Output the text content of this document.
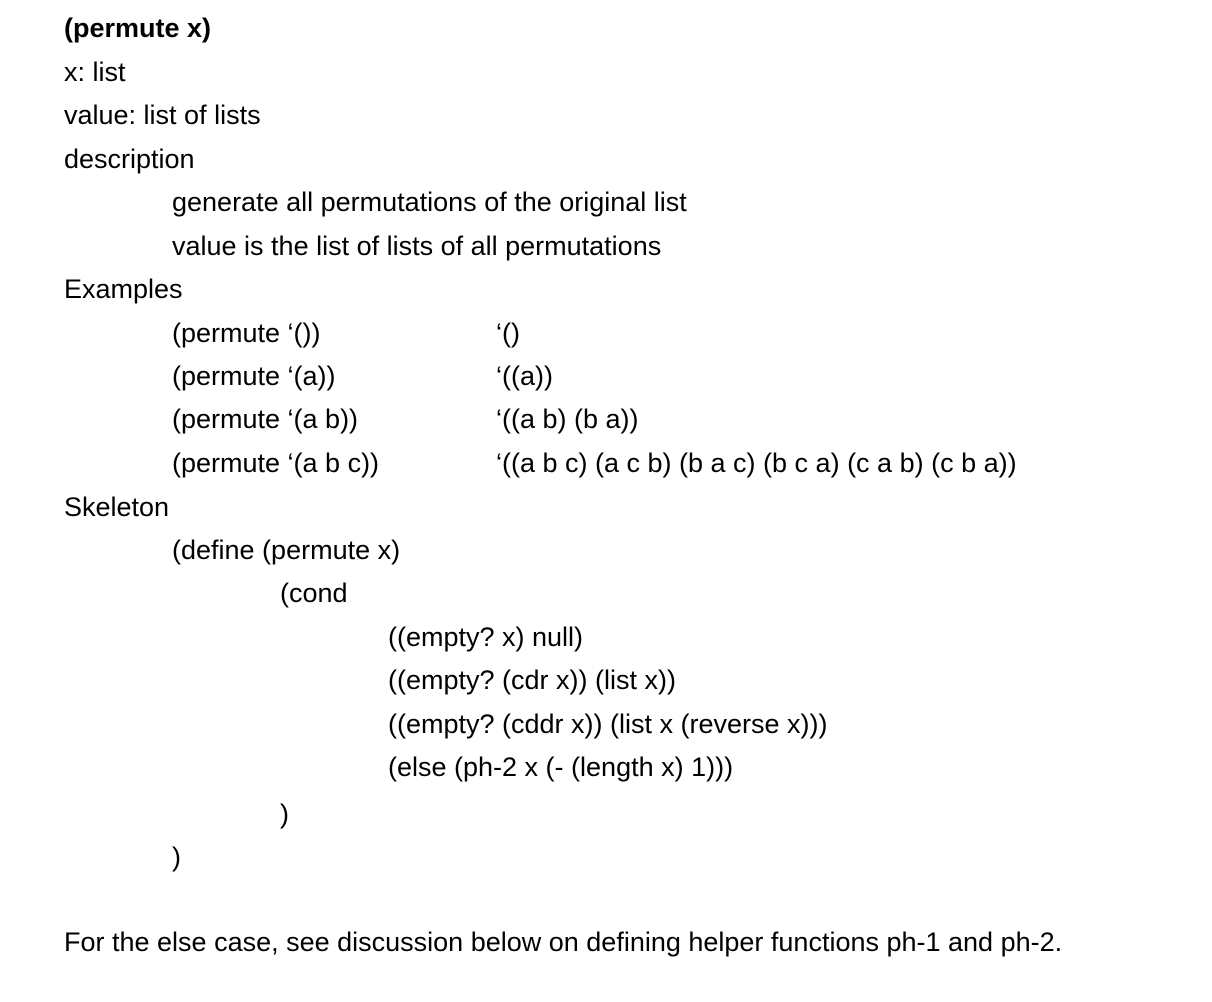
(permute x)
x: list
value: list of lists
description
generate all permutations of the original list
value is the list of lists of all permutations
Examples
(permute ‘())	‘()
(permute ‘(a))	‘((a))
(permute ‘(a b))	‘((a b) (b a))
(permute ‘(a b c))	‘((a b c) (a c b) (b a c) (b c a) (c a b) (c b a))
Skeleton
(define (permute x)
(cond
((empty? x) null)
((empty? (cdr x)) (list x))
((empty? (cddr x)) (list x (reverse x)))
(else (ph-2 x (- (length x) 1)))
)
)
For the else case, see discussion below on defining helper functions ph-1 and ph-2.
